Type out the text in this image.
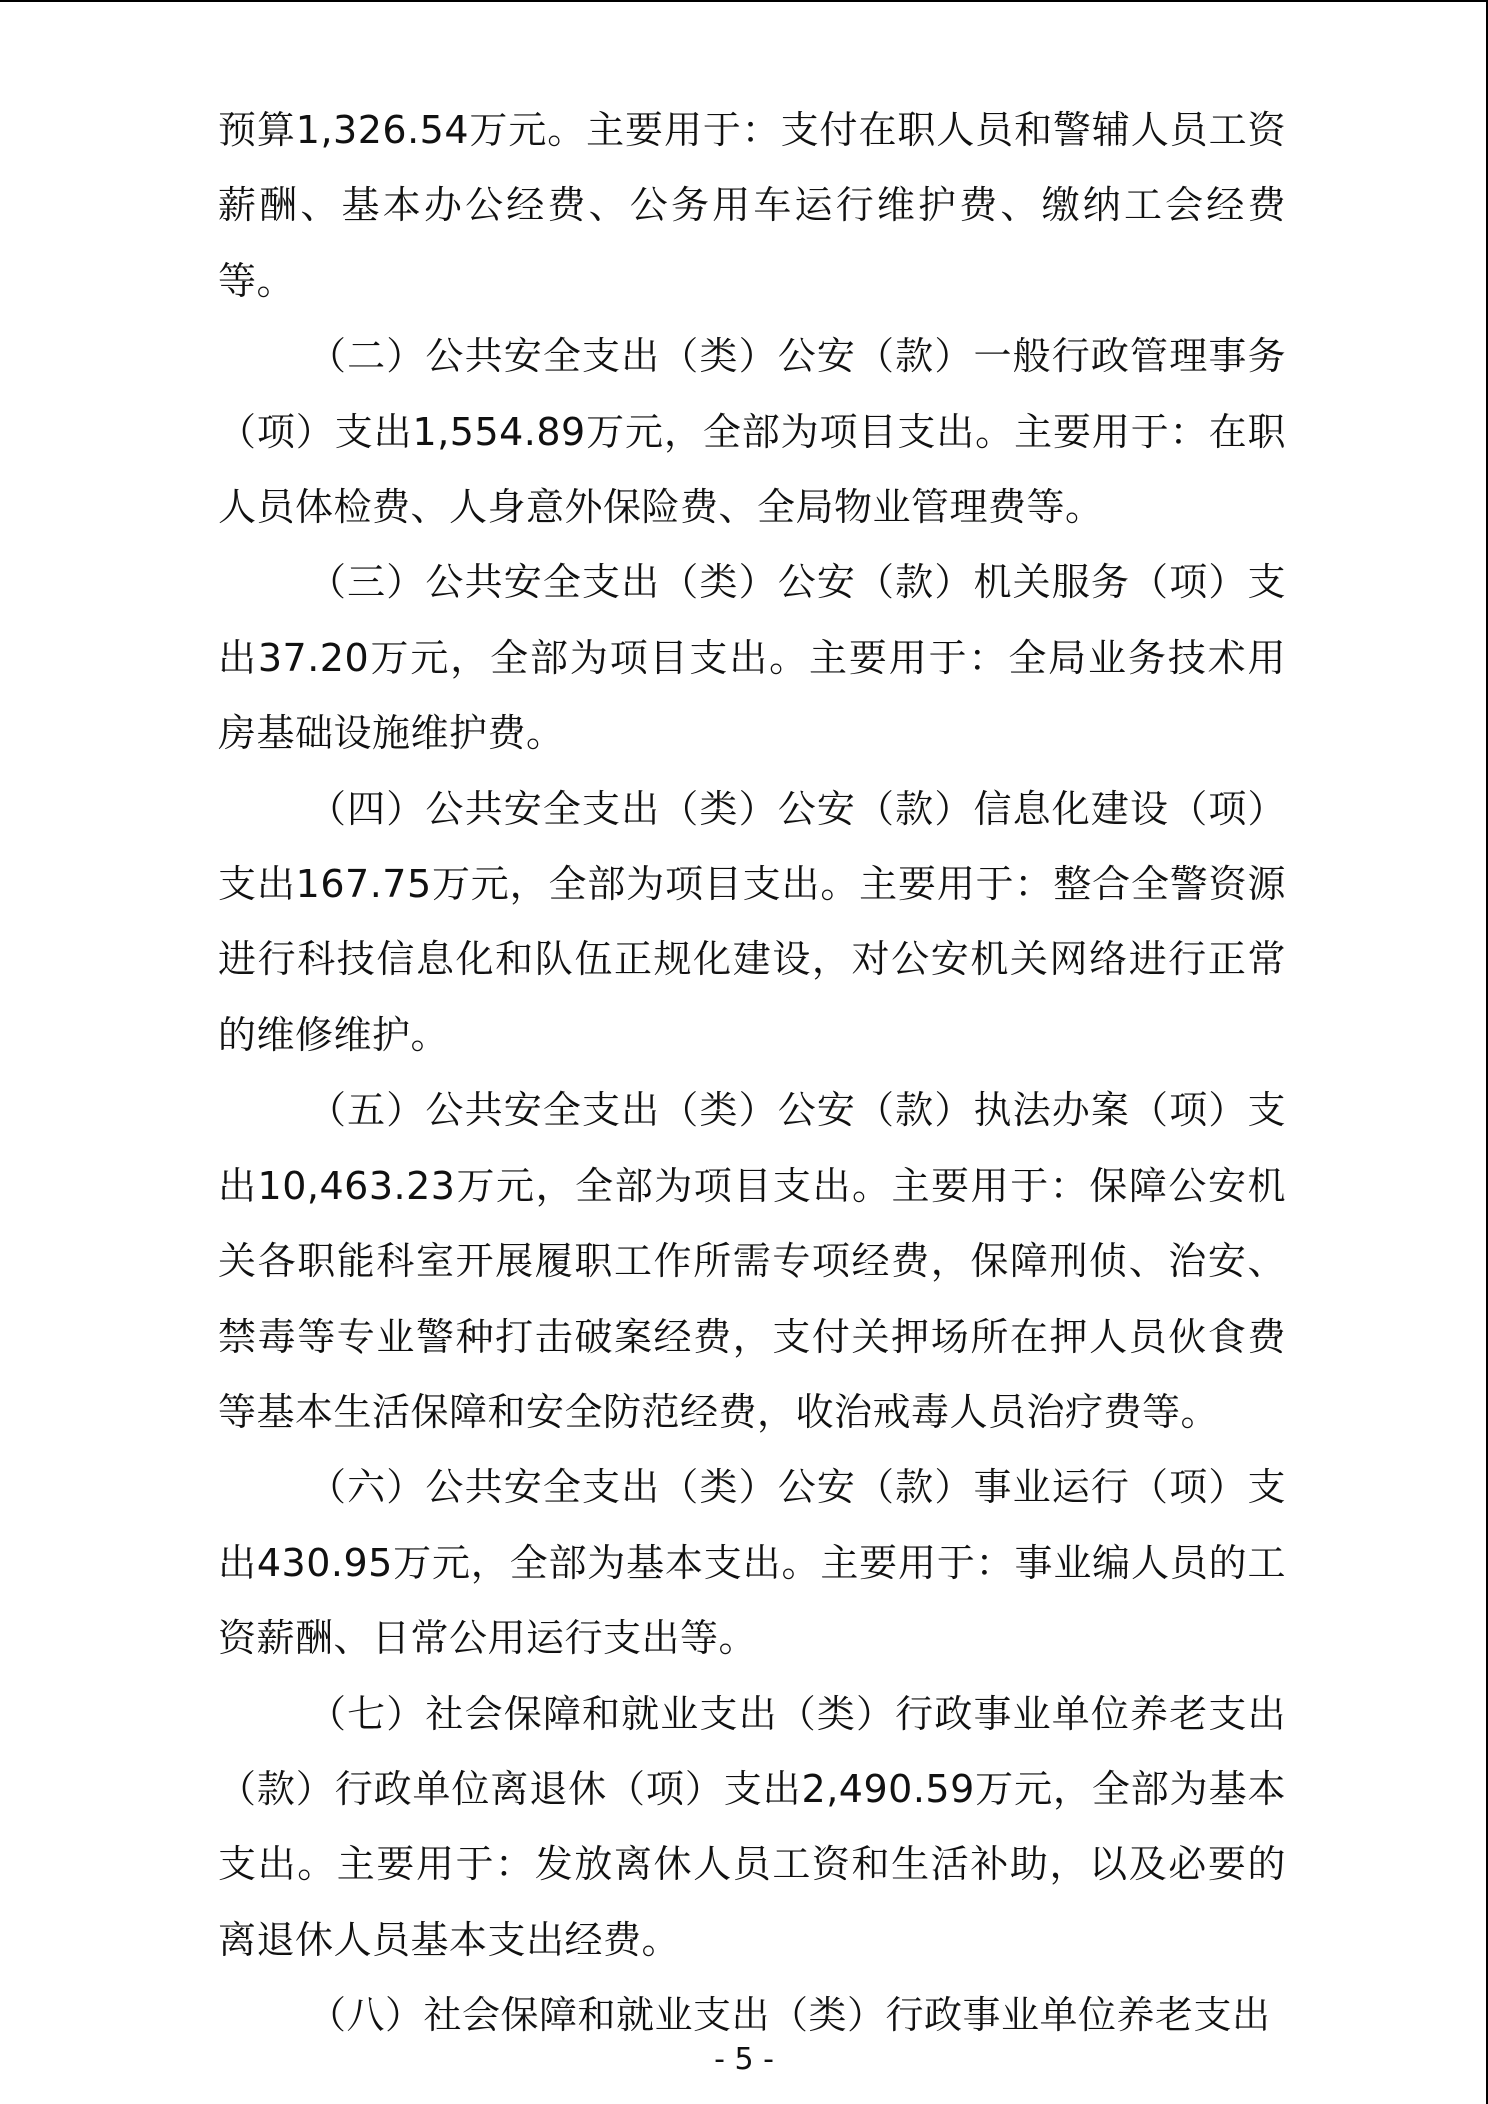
预算1,326.54万元。主要用于：支付在职人员和警辅人员工资薪酬、基本办公经费、公务用车运行维护费、缴纳工会经费等。

（二）公共安全支出（类）公安（款）一般行政管理事务（项）支出1,554.89万元，全部为项目支出。主要用于：在职人员体检费、人身意外保险费、全局物业管理费等。

（三）公共安全支出（类）公安（款）机关服务（项）支出37.20万元，全部为项目支出。主要用于：全局业务技术用房基础设施维护费。

（四）公共安全支出（类）公安（款）信息化建设（项）支出167.75万元，全部为项目支出。主要用于：整合全警资源进行科技信息化和队伍正规化建设，对公安机关网络进行正常的维修维护。

（五）公共安全支出（类）公安（款）执法办案（项）支出10,463.23万元，全部为项目支出。主要用于：保障公安机关各职能科室开展履职工作所需专项经费，保障刑侦、治安、禁毒等专业警种打击破案经费，支付关押场所在押人员伙食费等基本生活保障和安全防范经费，收治戒毒人员治疗费等。

（六）公共安全支出（类）公安（款）事业运行（项）支出430.95万元，全部为基本支出。主要用于：事业编人员的工资薪酬、日常公用运行支出等。

（七）社会保障和就业支出（类）行政事业单位养老支出（款）行政单位离退休（项）支出2,490.59万元，全部为基本支出。主要用于：发放离休人员工资和生活补助，以及必要的离退休人员基本支出经费。

（八）社会保障和就业支出（类）行政事业单位养老支出

- 5 -
